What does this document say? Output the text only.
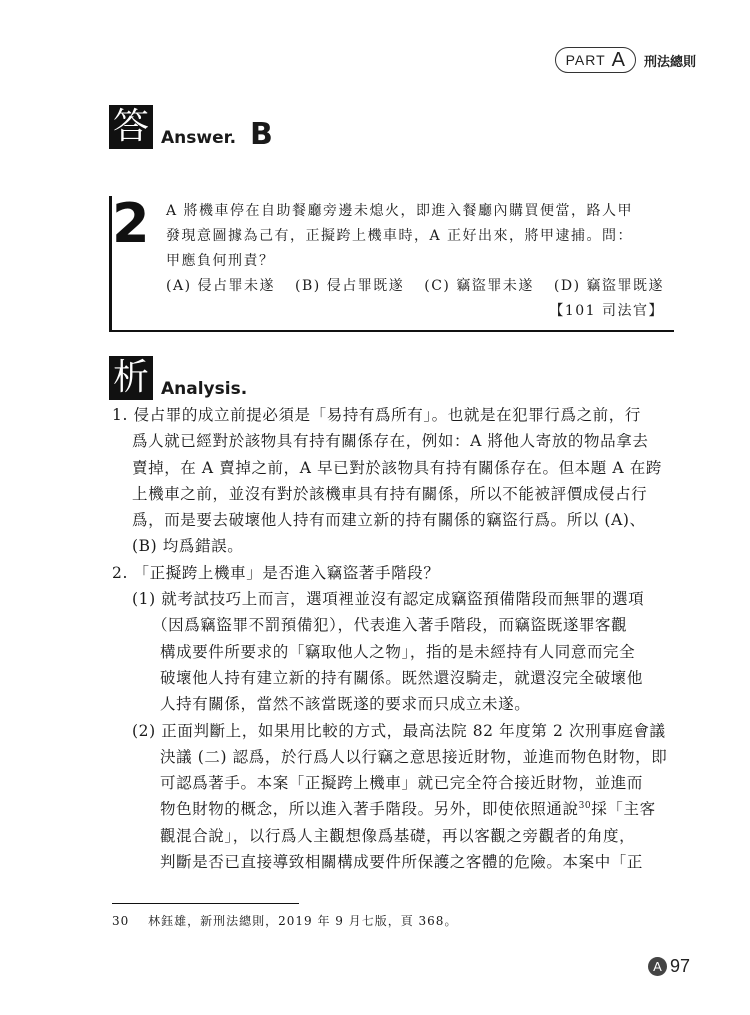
PART A 刑法總則
答 Answer. B
2 A 將機車停在自助餐廳旁邊未熄火，即進入餐廳內購買便當，路人甲
發現意圖據為己有，正擬跨上機車時，A 正好出來，將甲逮捕。問：
甲應負何刑責？
(A) 侵占罪未遂 (B) 侵占罪既遂 (C) 竊盜罪未遂 (D) 竊盜罪既遂
【101 司法官】
析 Analysis.
1. 侵占罪的成立前提必須是「易持有爲所有」。也就是在犯罪行爲之前，行
爲人就已經對於該物具有持有關係存在，例如：A 將他人寄放的物品拿去
賣掉，在 A 賣掉之前，A 早已對於該物具有持有關係存在。但本題 A 在跨
上機車之前，並沒有對於該機車具有持有關係，所以不能被評價成侵占行
爲，而是要去破壞他人持有而建立新的持有關係的竊盜行爲。所以 (A)、
(B) 均爲錯誤。
2. 「正擬跨上機車」是否進入竊盜著手階段？
(1) 就考試技巧上而言，選項裡並沒有認定成竊盜預備階段而無罪的選項
（因爲竊盜罪不罰預備犯），代表進入著手階段，而竊盜既遂罪客觀
構成要件所要求的「竊取他人之物」，指的是未經持有人同意而完全
破壞他人持有建立新的持有關係。既然還沒騎走，就還沒完全破壞他
人持有關係，當然不該當既遂的要求而只成立未遂。
(2) 正面判斷上，如果用比較的方式，最高法院 82 年度第 2 次刑事庭會議
決議 (二) 認爲，於行爲人以行竊之意思接近財物，並進而物色財物，即
可認爲著手。本案「正擬跨上機車」就已完全符合接近財物，並進而
物色財物的概念，所以進入著手階段。另外，即使依照通說$^{30}$採「主客
觀混合說」，以行爲人主觀想像爲基礎，再以客觀之旁觀者的角度，
判斷是否已直接導致相關構成要件所保護之客體的危險。本案中「正
30 林鈺雄，新刑法總則，2019 年 9 月七版，頁 368。
A 97
